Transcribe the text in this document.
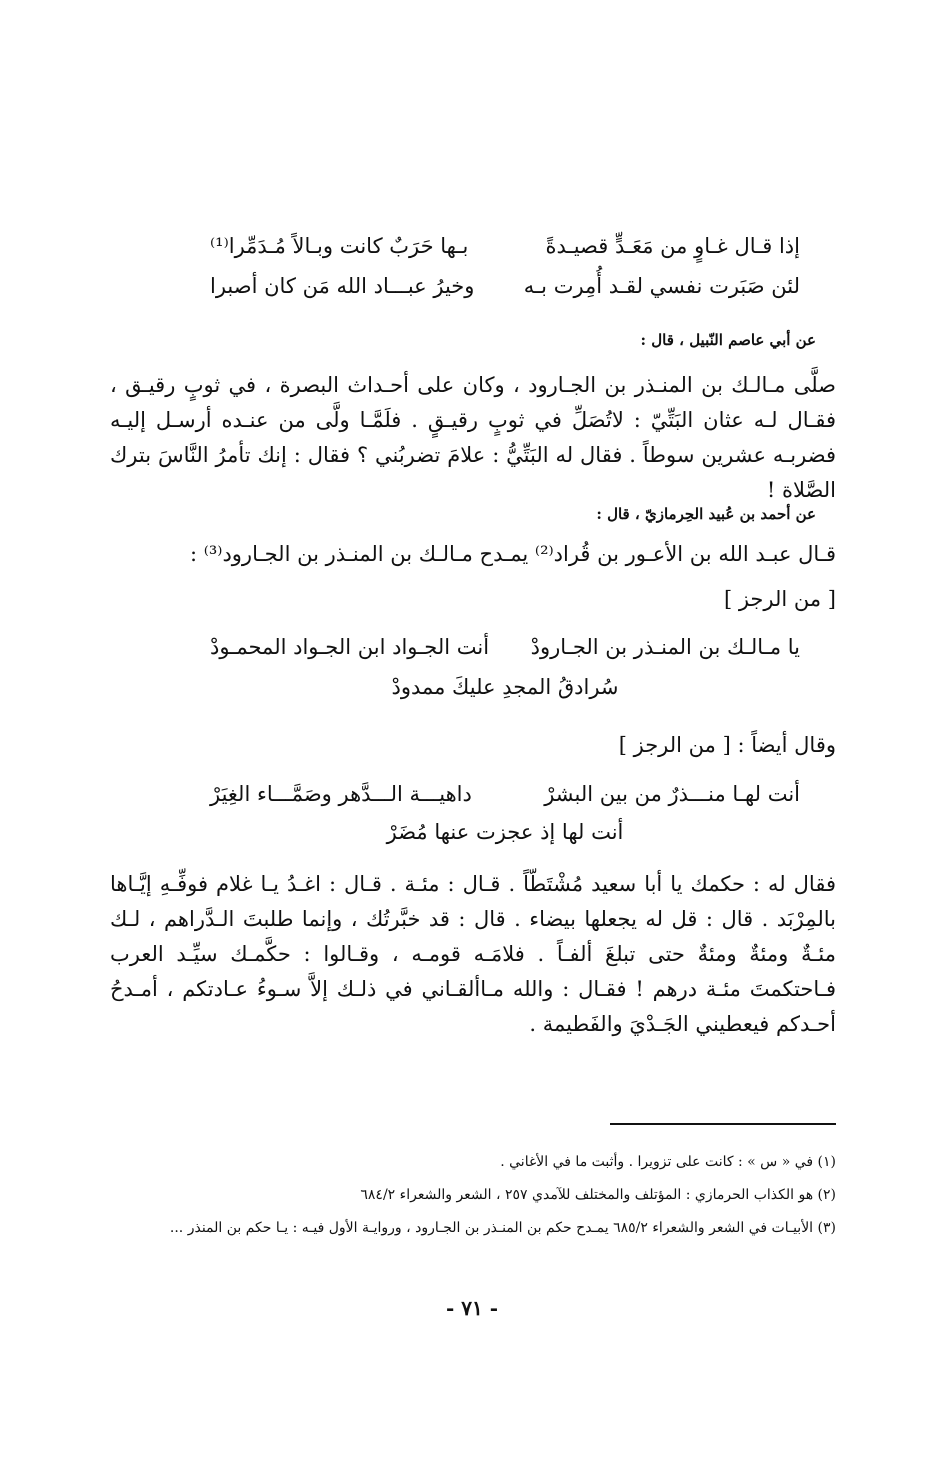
إذا قـال غـاوٍ من مَعَـدٍّ قصيـدةً
بـها حَرَبٌ كانت وبـالاً مُـدَمِّرا⁽¹⁾
لئن صَبَرت نفسي لقـد أُمِرت بـه
وخيرُ عبـــاد الله مَن كان أصبرا
عن أبي عاصم النّبيل ، قال :
صلَّى مـالـك بن المنـذر بن الجـارود ، وكان على أحـداث البصرة ، في ثوبٍ رقيـق ، فقـال لـه عثان البَتِّيّ : لاتُصَلِّ في ثوبٍ رقيـقٍ . فلَمَّـا ولَّى من عنـده أرسـل إليـه فضربـه عشرين سوطاً . فقال له البَتِّيُّ : علامَ تضربُني ؟ فقال : إنك تأمرُ النَّاسَ بترك الصَّلاة !
عن أحمد بن عُبيد الحِرمازيّ ، قال :
قـال عبـد الله بن الأعـور بن قُراد⁽²⁾ يمـدح مـالـك بن المنـذر بن الجـارود⁽³⁾ :
[ من الرجز ]
يا مـالـك بن المنـذر بن الجـارودْ
أنت الجـواد ابن الجـواد المحمـودْ
سُرادقُ المجدِ عليكَ ممدودْ
وقال أيضاً : [ من الرجز ]
أنت لهـا منـــذرٌ من بين البشرْ
داهيـــة الـــدَّهر وصَمَّـــاء الغِيَرْ
أنت لها إذ عجزت عنها مُضَرْ
فقال له : حكمك يا أبا سعيد مُشْتَطّاً . قـال : مئـة . قـال : اغـدُ يـا غلام فوفِّـهِ إيَّـاها بالمِرْبَد . قال : قل له يجعلها بيضاء . قال : قد خبَّرتُك ، وإنما طلبتَ الـدَّراهم ، لـك مئـةٌ ومئةٌ ومئةٌ حتى تبلغَ ألفـاً . فلامَـه قومـه ، وقـالوا : حكَّمـك سيِّـد العرب فـاحتكمتَ مئـة درهم ! فقـال : والله مـاألقـاني في ذلـك إلاَّ سـوءُ عـادتكم ، أمـدحُ أحـدكم فيعطيني الجَـدْيَ والفَطيمة .
(١) في « س » : كانت على تزويرا . وأثبت ما في الأغاني .
(٢) هو الكذاب الحرمازي : المؤتلف والمختلف للآمدي ٢٥٧ ، الشعر والشعراء ٦٨٤/٢
(٣) الأبيـات في الشعر والشعراء ٦٨٥/٢ يمـدح حكم بن المنـذر بن الجـارود ، وروايـة الأول فيـه : يـا حكم بن المنذر ...
- ٧١ -
